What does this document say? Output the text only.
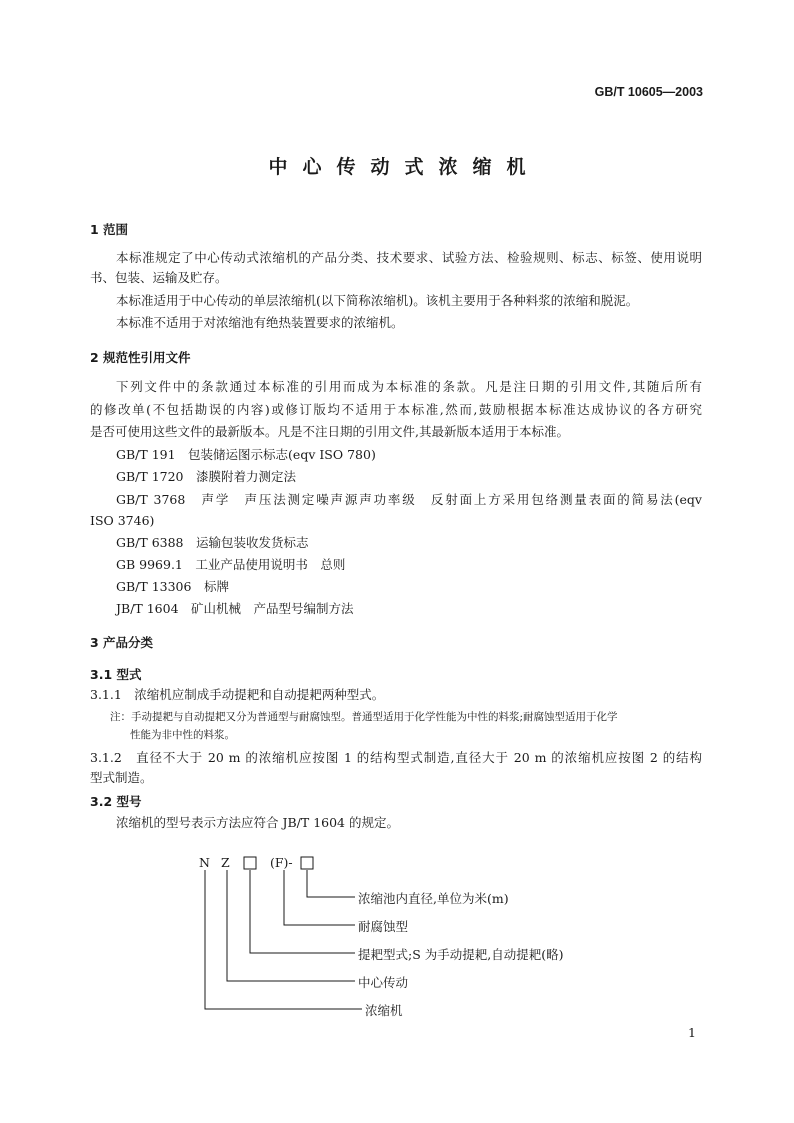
GB/T 10605—2003
中心传动式浓缩机
1 范围
本标准规定了中心传动式浓缩机的产品分类、技术要求、试验方法、检验规则、标志、标签、使用说明
书、包装、运输及贮存。
本标准适用于中心传动的单层浓缩机(以下简称浓缩机)。该机主要用于各种料浆的浓缩和脱泥。
本标准不适用于对浓缩池有绝热装置要求的浓缩机。
2 规范性引用文件
下列文件中的条款通过本标准的引用而成为本标准的条款。凡是注日期的引用文件,其随后所有
的修改单(不包括勘误的内容)或修订版均不适用于本标准,然而,鼓励根据本标准达成协议的各方研究
是否可使用这些文件的最新版本。凡是不注日期的引用文件,其最新版本适用于本标准。
GB/T 191　包装储运图示标志(eqv ISO 780)
GB/T 1720　漆膜附着力测定法
GB/T 3768　声学　声压法测定噪声源声功率级　反射面上方采用包络测量表面的简易法(eqv
ISO 3746)
GB/T 6388　运输包装收发货标志
GB 9969.1　工业产品使用说明书　总则
GB/T 13306　标牌
JB/T 1604　矿山机械　产品型号编制方法
3 产品分类
3.1 型式
3.1.1　浓缩机应制成手动提耙和自动提耙两种型式。
注：手动提耙与自动提耙又分为普通型与耐腐蚀型。普通型适用于化学性能为中性的料浆;耐腐蚀型适用于化学
性能为非中性的料浆。
3.1.2　直径不大于 20 m 的浓缩机应按图 1 的结构型式制造,直径大于 20 m 的浓缩机应按图 2 的结构
型式制造。
3.2 型号
浓缩机的型号表示方法应符合 JB/T 1604 的规定。
N Z	(F)-
浓缩池内直径,单位为米(m)
耐腐蚀型
提耙型式;S 为手动提耙,自动提耙(略)
中心传动
浓缩机
1
